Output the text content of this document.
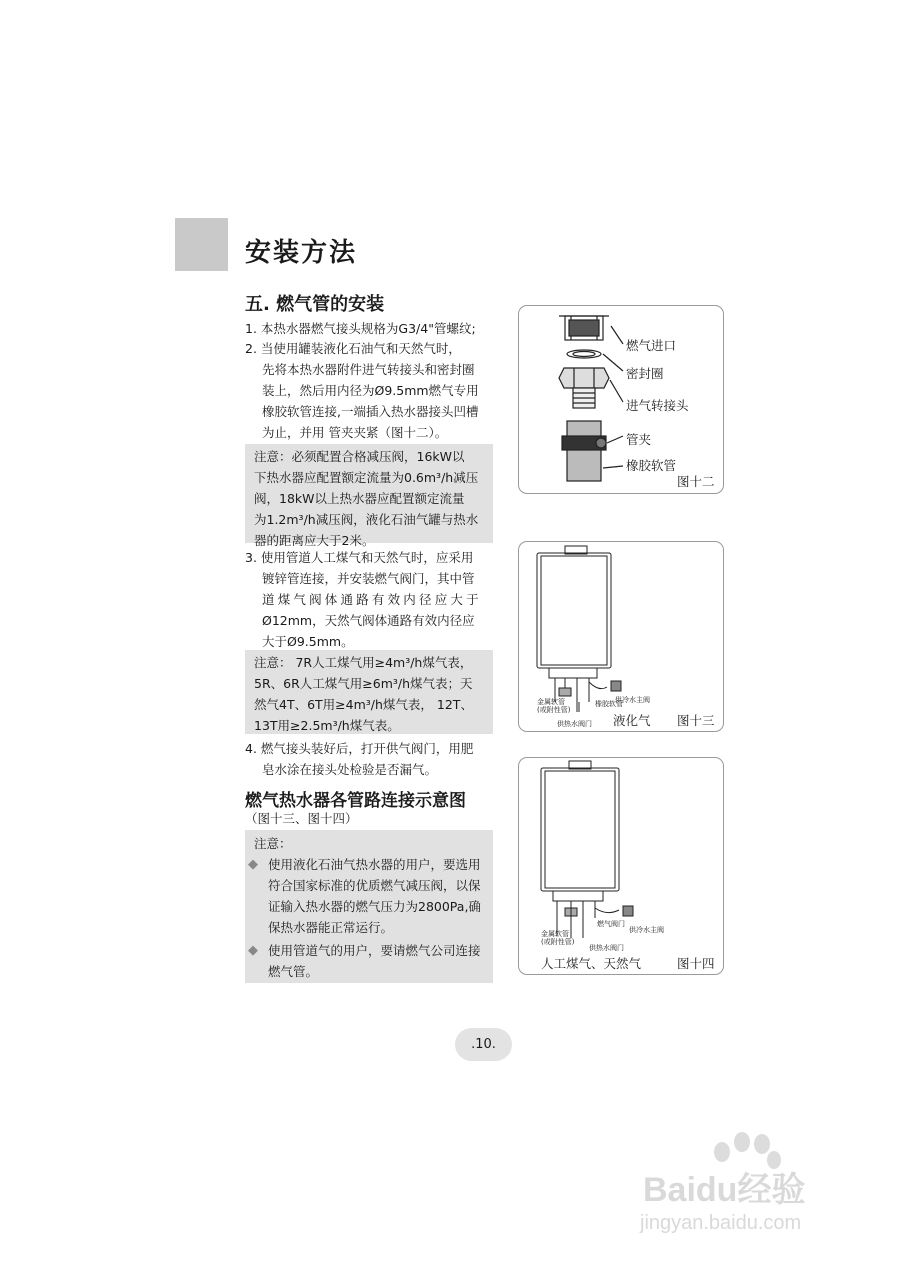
安装方法
五. 燃气管的安装
1. 本热水器燃气接头规格为G3/4"管螺纹;
2. 当使用罐装液化石油气和天然气时，
先将本热水器附件进气转接头和密封圈
装上，然后用内径为Ø9.5mm燃气专用
橡胶软管连接,一端插入热水器接头凹槽
为止，并用 管夹夹紧（图十二）。
注意：必须配置合格减压阀，16kW以
下热水器应配置额定流量为0.6m³/h减压
阀，18kW以上热水器应配置额定流量
为1.2m³/h减压阀，液化石油气罐与热水
器的距离应大于2米。
3. 使用管道人工煤气和天然气时，应采用
镀锌管连接，并安装燃气阀门，其中管
道煤气阀体通路有效内径应大于
Ø12mm，天然气阀体通路有效内径应
大于Ø9.5mm。
注意： 7R人工煤气用≥4m³/h煤气表，
5R、6R人工煤气用≥6m³/h煤气表；天
然气4T、6T用≥4m³/h煤气表， 12T、
13T用≥2.5m³/h煤气表。
4. 燃气接头装好后，打开供气阀门，用肥
皂水涂在接头处检验是否漏气。
燃气热水器各管路连接示意图
（图十三、图十四）
注意：
◆ 使用液化石油气热水器的用户，要选用
符合国家标准的优质燃气减压阀，以保
证输入热水器的燃气压力为2800Pa,确
保热水器能正常运行。
◆ 使用管道气的用户，要请燃气公司连接
燃气管。
燃气进口
密封圈
进气转接头
管夹
橡胶软管
图十二
金属软管
(或附性管)
橡胶软管
供冷水主阀
供热水阀门 液化气 图十三
燃气阀门
供冷水主阀
金属软管
(或附性管)
供热水阀门
人工煤气、天然气	图十四
.10.
Baidu经验
jingyan.baidu.com
